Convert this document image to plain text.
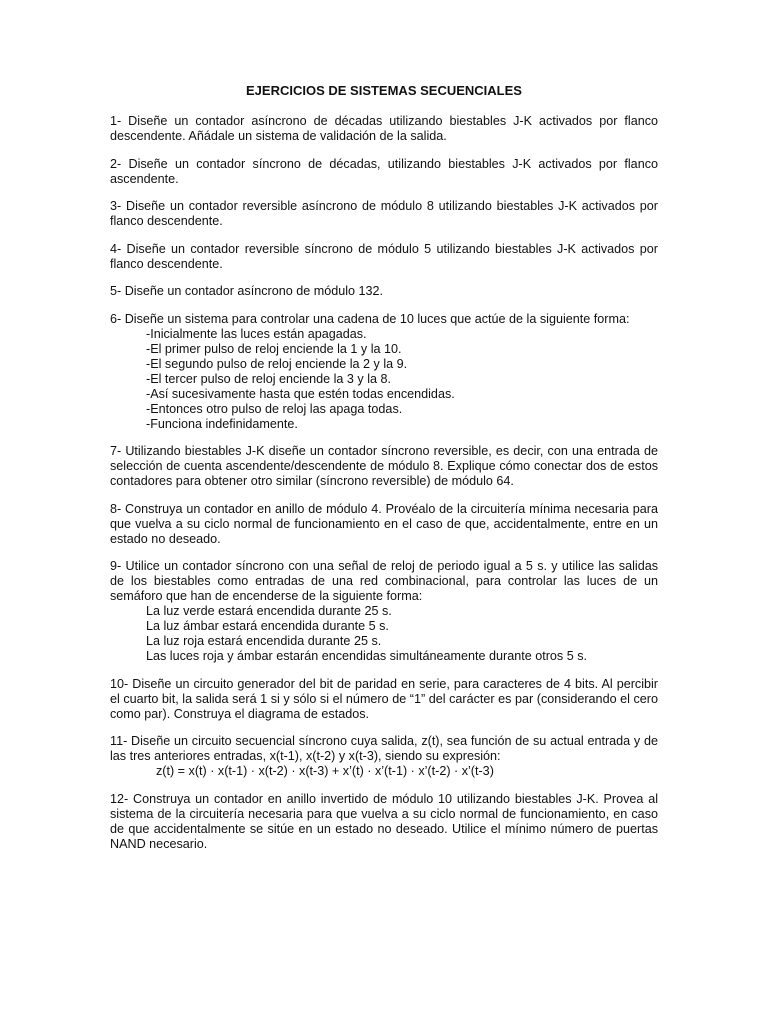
EJERCICIOS DE SISTEMAS SECUENCIALES

1- Diseñe un contador asíncrono de décadas utilizando biestables J-K activados por flanco descendente. Añádale un sistema de validación de la salida.

2- Diseñe un contador síncrono de décadas, utilizando biestables J-K activados por flanco ascendente.

3- Diseñe un contador reversible asíncrono de módulo 8 utilizando biestables J-K activados por flanco descendente.

4- Diseñe un contador reversible síncrono de módulo 5 utilizando biestables J-K activados por flanco descendente.

5- Diseñe un contador asíncrono de módulo 132.

6- Diseñe un sistema para controlar una cadena de 10 luces que actúe de la siguiente forma:

-Inicialmente las luces están apagadas.
-El primer pulso de reloj enciende la 1 y la 10.
-El segundo pulso de reloj enciende la 2 y la 9.
-El tercer pulso de reloj enciende la 3 y la 8.
-Así sucesivamente hasta que estén todas encendidas.
-Entonces otro pulso de reloj las apaga todas.
-Funciona indefinidamente.

7- Utilizando biestables J-K diseñe un contador síncrono reversible, es decir, con una entrada de selección de cuenta ascendente/descendente de módulo 8. Explique cómo conectar dos de estos contadores para obtener otro similar (síncrono reversible) de módulo 64.

8- Construya un contador en anillo de módulo 4. Provéalo de la circuitería mínima necesaria para que vuelva a su ciclo normal de funcionamiento en el caso de que, accidentalmente, entre en un estado no deseado.

9- Utilice un contador síncrono con una señal de reloj de periodo igual a 5 s. y utilice las salidas de los biestables como entradas de una red combinacional, para controlar las luces de un semáforo que han de encenderse de la siguiente forma:

La luz verde estará encendida durante 25 s.
La luz ámbar estará encendida durante 5 s.
La luz roja estará encendida durante 25 s.
Las luces roja y ámbar estarán encendidas simultáneamente durante otros 5 s.

10- Diseñe un circuito generador del bit de paridad en serie, para caracteres de 4 bits. Al percibir el cuarto bit, la salida será 1 si y sólo si el número de “1” del carácter es par (considerando el cero como par). Construya el diagrama de estados.

11- Diseñe un circuito secuencial síncrono cuya salida, z(t), sea función de su actual entrada y de las tres anteriores entradas, x(t-1), x(t-2) y x(t-3), siendo su expresión:

z(t) = x(t) · x(t-1) · x(t-2) · x(t-3) + x’(t) · x’(t-1) · x’(t-2) · x’(t-3)

12- Construya un contador en anillo invertido de módulo 10 utilizando biestables J-K. Provea al sistema de la circuitería necesaria para que vuelva a su ciclo normal de funcionamiento, en caso de que accidentalmente se sitúe en un estado no deseado. Utilice el mínimo número de puertas NAND necesario.
